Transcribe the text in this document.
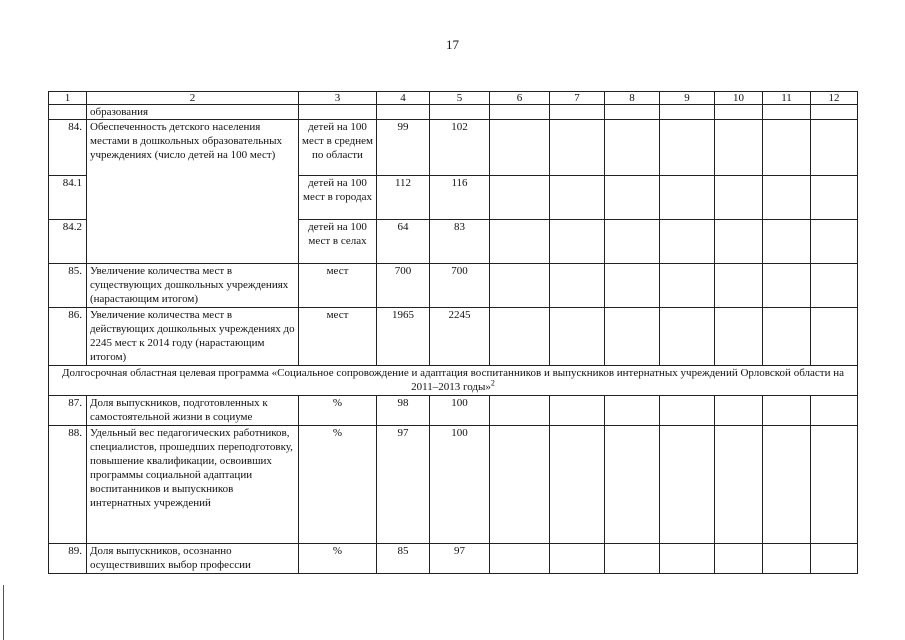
17
1	2	3	4	5	6	7	8	9	10	11	12
	образования										
84.	Обеспеченность детского населения местами в дошкольных образовательных учреждениях (число детей на 100 мест)	детей на 100 мест в среднем по области	99	102							
84.1		детей на 100 мест в городах	112	116							
84.2		детей на 100 мест в селах	64	83							
85.	Увеличение количества мест в существующих дошкольных учреждениях (нарастающим итогом)	мест	700	700							
86.	Увеличение количества мест в действующих дошкольных учреждениях до 2245 мест к 2014 году (нарастающим итогом)	мест	1965	2245							
Долгосрочная областная целевая программа «Социальное сопровождение и адаптация воспитанников и выпускников интернатных учреждений Орловской области на 2011–2013 годы»$^2$
87.	Доля выпускников, подготовленных к самостоятельной жизни в социуме	%	98	100							
88.	Удельный вес педагогических работников, специалистов, прошедших переподготовку, повышение квалификации, освоивших программы социальной адаптации воспитанников и выпускников интернатных учреждений	%	97	100							
89.	Доля выпускников, осознанно осуществивших выбор профессии	%	85	97							
